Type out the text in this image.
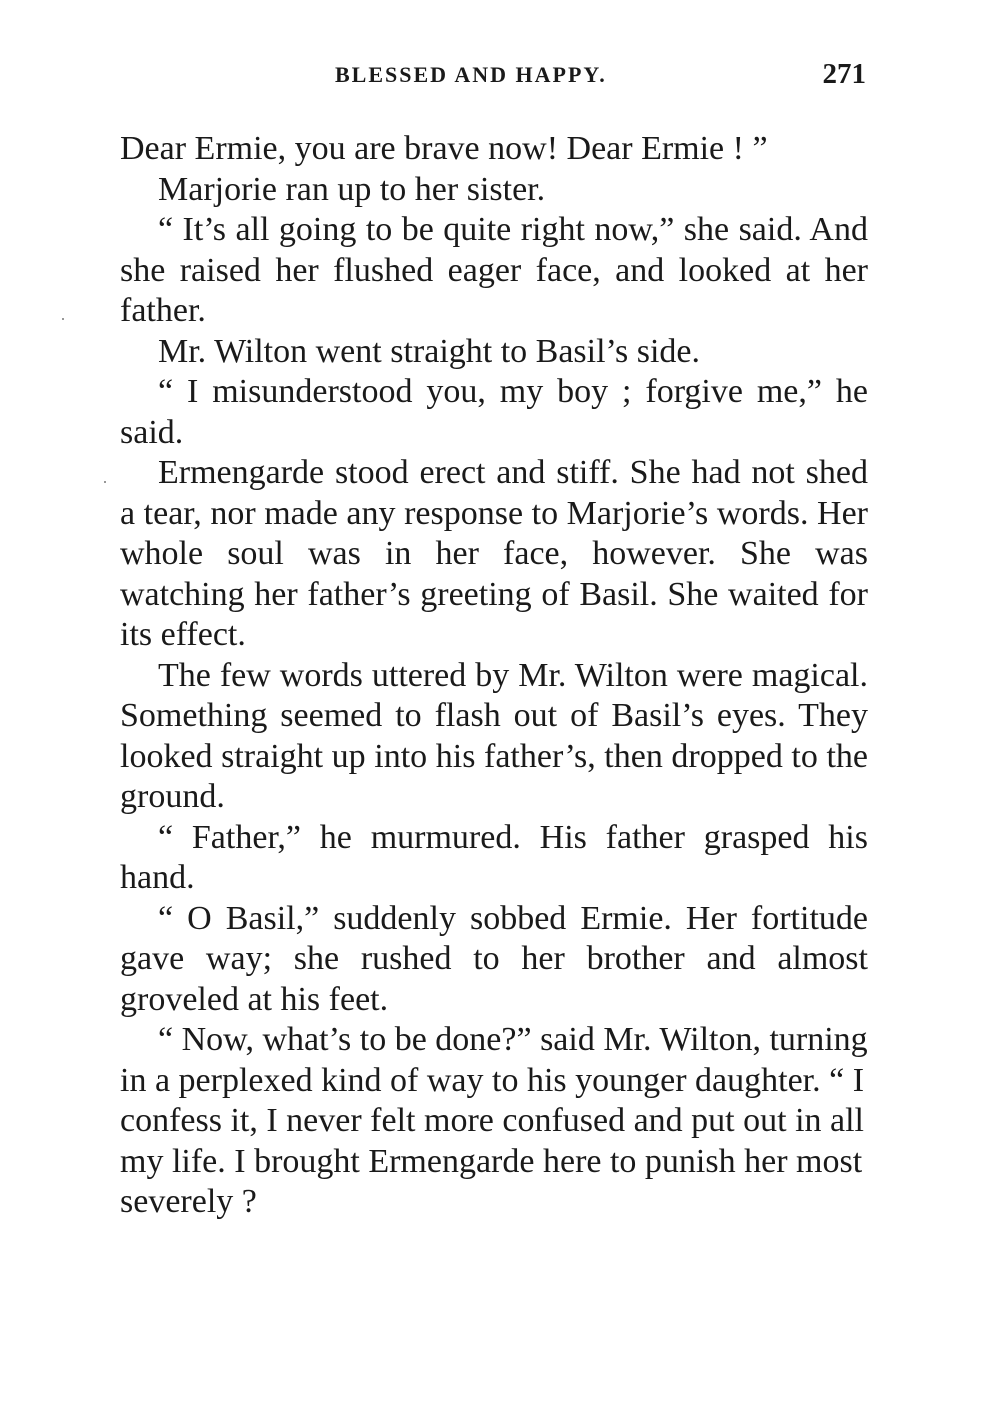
BLESSED AND HAPPY.	271

Dear Ermie, you are brave now! Dear Ermie ! ”

Marjorie ran up to her sister.

“ It’s all going to be quite right now,” she said. And she raised her flushed eager face, and looked at her father.

Mr. Wilton went straight to Basil’s side.

“ I misunderstood you, my boy ; forgive me,” he said.

Ermengarde stood erect and stiff. She had not shed a tear, nor made any response to Marjorie’s words. Her whole soul was in her face, however. She was watching her father’s greeting of Basil. She waited for its effect.

The few words uttered by Mr. Wilton were magical. Something seemed to flash out of Basil’s eyes. They looked straight up into his father’s, then dropped to the ground.

“ Father,” he murmured. His father grasped his hand.

“ O Basil,” suddenly sobbed Ermie. Her fortitude gave way; she rushed to her brother and almost groveled at his feet.

“ Now, what’s to be done?” said Mr. Wilton, turning in a perplexed kind of way to his younger daughter. “ I confess it, I never felt more confused and put out in all my life. I brought Ermengarde here to punish her most severely ?
